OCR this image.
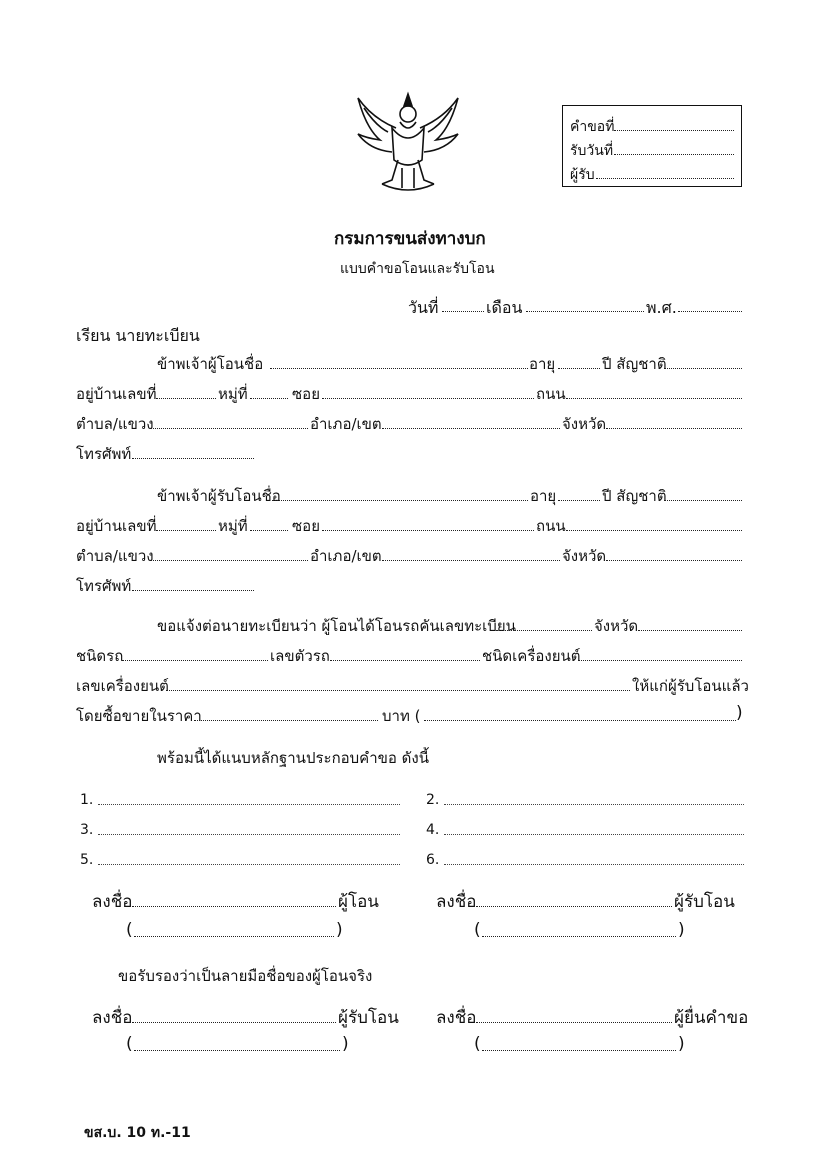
คำขอที่
รับวันที่
ผู้รับ
กรมการขนส่งทางบก
แบบคำขอโอนและรับโอน
วันที่	เดือน	พ.ศ.
เรียน นายทะเบียน
ข้าพเจ้าผู้โอนชื่อ	อายุ	ปี สัญชาติ
อยู่บ้านเลขที่	หมู่ที่	ซอย	ถนน
ตำบล/แขวง	อำเภอ/เขต	จังหวัด
โทรศัพท์
ข้าพเจ้าผู้รับโอนชื่อ	อายุ	ปี สัญชาติ
อยู่บ้านเลขที่	หมู่ที่	ซอย	ถนน
ตำบล/แขวง	อำเภอ/เขต	จังหวัด
โทรศัพท์
ขอแจ้งต่อนายทะเบียนว่า ผู้โอนได้โอนรถคันเลขทะเบียน	จังหวัด
ชนิดรถ	เลขตัวรถ	ชนิดเครื่องยนต์
เลขเครื่องยนต์	ให้แก่ผู้รับโอนแล้ว
โดยซื้อขายในราคา	บาท (	)
พร้อมนี้ได้แนบหลักฐานประกอบคำขอ ดังนี้
1.	2.
3.	4.
5.	6.
ลงชื่อ	ผู้โอน	ลงชื่อ	ผู้รับโอน
(	)	(	)
ขอรับรองว่าเป็นลายมือชื่อของผู้โอนจริง
ลงชื่อ	ผู้รับโอน ลงชื่อ	ผู้ยื่นคำขอ
(	)	(	)
ขส.บ. 10 ท.-11
